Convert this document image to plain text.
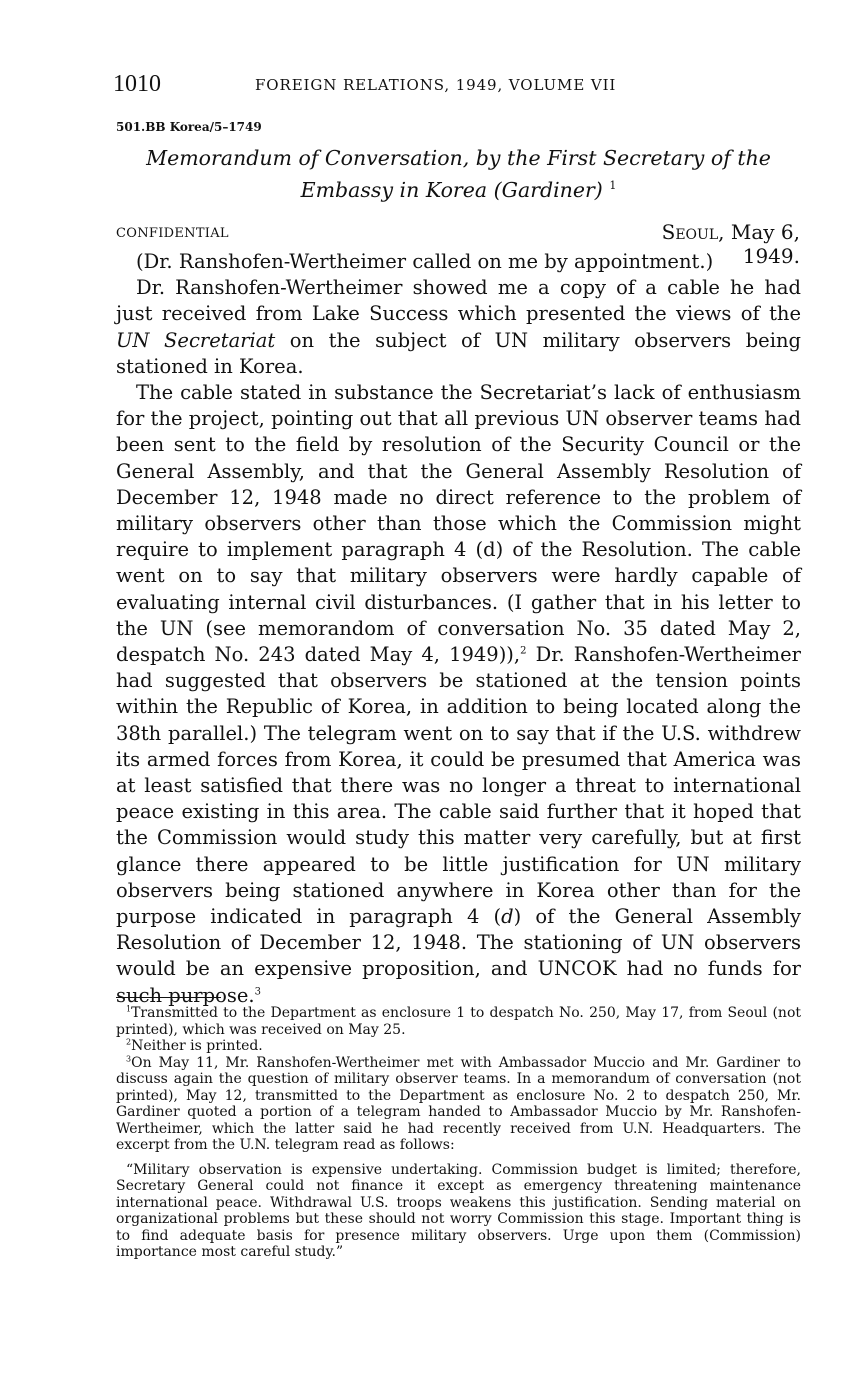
1010	FOREIGN RELATIONS, 1949, VOLUME VII
501.BB Korea/5–1749
Memorandum of Conversation, by the First Secretary of the Embassy in Korea (Gardiner) $^1$
CONFIDENTIAL	Seoul, May 6, 1949.

(Dr. Ranshofen-Wertheimer called on me by appointment.)

Dr. Ranshofen-Wertheimer showed me a copy of a cable he had just received from Lake Success which presented the views of the UN Secretariat on the subject of UN military observers being stationed in Korea.

The cable stated in substance the Secretariat’s lack of enthusiasm for the project, pointing out that all previous UN observer teams had been sent to the field by resolution of the Security Council or the General Assembly, and that the General Assembly Resolution of December 12, 1948 made no direct reference to the problem of military observers other than those which the Commission might require to implement paragraph 4 (d) of the Resolution. The cable went on to say that military observers were hardly capable of evaluating internal civil disturbances. (I gather that in his letter to the UN (see memorandom of conversation No. 35 dated May 2, despatch No. 243 dated May 4, 1949)),$^2$ Dr. Ranshofen-Wertheimer had suggested that observers be stationed at the tension points within the Republic of Korea, in addition to being located along the 38th parallel.) The telegram went on to say that if the U.S. withdrew its armed forces from Korea, it could be presumed that America was at least satisfied that there was no longer a threat to international peace existing in this area. The cable said further that it hoped that the Commission would study this matter very carefully, but at first glance there appeared to be little justification for UN military observers being stationed anywhere in Korea other than for the purpose indicated in paragraph 4 (d) of the General Assembly Resolution of December 12, 1948. The stationing of UN observers would be an expensive proposition, and UNCOK had no funds for such purpose.$^3$

$^1$Transmitted to the Department as enclosure 1 to despatch No. 250, May 17, from Seoul (not printed), which was received on May 25.

$^2$Neither is printed.

$^3$On May 11, Mr. Ranshofen-Wertheimer met with Ambassador Muccio and Mr. Gardiner to discuss again the question of military observer teams. In a memorandum of conversation (not printed), May 12, transmitted to the Department as enclosure No. 2 to despatch 250, Mr. Gardiner quoted a portion of a telegram handed to Ambassador Muccio by Mr. Ranshofen-Wertheimer, which the latter said he had recently received from U.N. Headquarters. The excerpt from the U.N. telegram read as follows:

“Military observation is expensive undertaking. Commission budget is limited; therefore, Secretary General could not finance it except as emergency threatening maintenance international peace. Withdrawal U.S. troops weakens this justification. Sending material on organizational problems but these should not worry Commission this stage. Important thing is to find adequate basis for presence military observers. Urge upon them (Commission) importance most careful study.”
